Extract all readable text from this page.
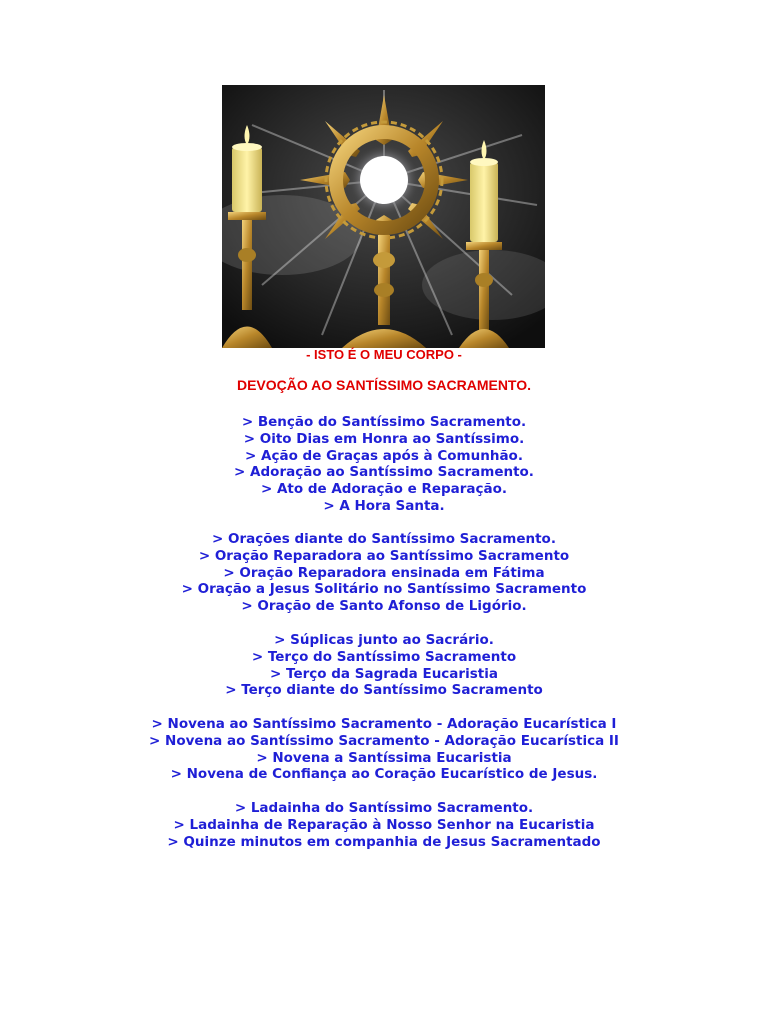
- ISTO É O MEU CORPO -
DEVOÇÃO AO SANTÍSSIMO SACRAMENTO.
> Benção do Santíssimo Sacramento.
> Oito Dias em Honra ao Santíssimo.
> Ação de Graças após à Comunhão.
> Adoração ao Santíssimo Sacramento.
> Ato de Adoração e Reparação.
> A Hora Santa.
> Orações diante do Santíssimo Sacramento.
> Oração Reparadora ao Santíssimo Sacramento
> Oração Reparadora ensinada em Fátima
> Oração a Jesus Solitário no Santíssimo Sacramento
> Oração de Santo Afonso de Ligório.
> Súplicas junto ao Sacrário.
> Terço do Santíssimo Sacramento
> Terço da Sagrada Eucaristia
> Terço diante do Santíssimo Sacramento
> Novena ao Santíssimo Sacramento - Adoração Eucarística I
> Novena ao Santíssimo Sacramento - Adoração Eucarística II
> Novena a Santíssima Eucaristia
> Novena de Confiança ao Coração Eucarístico de Jesus.
> Ladainha do Santíssimo Sacramento.
> Ladainha de Reparação à Nosso Senhor na Eucaristia
> Quinze minutos em companhia de Jesus Sacramentado
